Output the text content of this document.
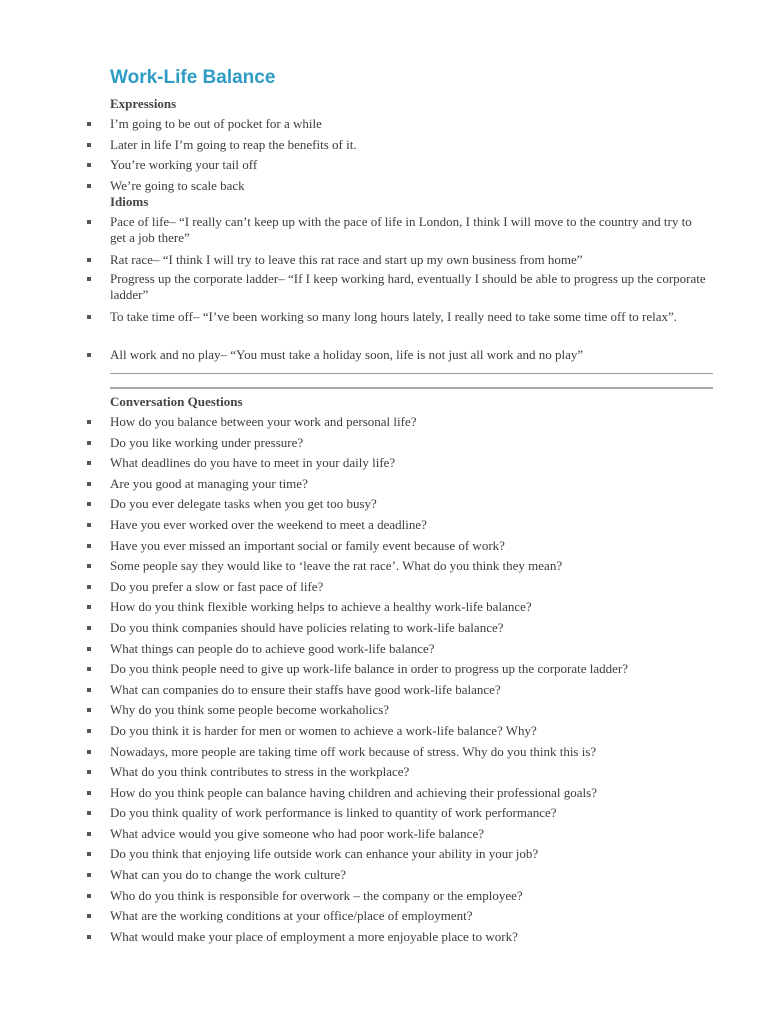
Work-Life Balance
Expressions
I’m going to be out of pocket for a while
Later in life I’m going to reap the benefits of it.
You’re working your tail off
We’re going to scale back
Idioms
Pace of life– “I really can’t keep up with the pace of life in London, I think I will move to the country and try to get a job there”
Rat race– “I think I will try to leave this rat race and start up my own business from home”
Progress up the corporate ladder– “If I keep working hard, eventually I should be able to progress up the corporate ladder”
To take time off– “I’ve been working so many long hours lately, I really need to take some time off to relax”.
All work and no play– “You must take a holiday soon, life is not just all work and no play”
Conversation Questions
How do you balance between your work and personal life?
Do you like working under pressure?
What deadlines do you have to meet in your daily life?
Are you good at managing your time?
Do you ever delegate tasks when you get too busy?
Have you ever worked over the weekend to meet a deadline?
Have you ever missed an important social or family event because of work?
Some people say they would like to ‘leave the rat race’. What do you think they mean?
Do you prefer a slow or fast pace of life?
How do you think flexible working helps to achieve a healthy work-life balance?
Do you think companies should have policies relating to work-life balance?
What things can people do to achieve good work-life balance?
Do you think people need to give up work-life balance in order to progress up the corporate ladder?
What can companies do to ensure their staffs have good work-life balance?
Why do you think some people become workaholics?
Do you think it is harder for men or women to achieve a work-life balance? Why?
Nowadays, more people are taking time off work because of stress. Why do you think this is?
What do you think contributes to stress in the workplace?
How do you think people can balance having children and achieving their professional goals?
Do you think quality of work performance is linked to quantity of work performance?
What advice would you give someone who had poor work-life balance?
Do you think that enjoying life outside work can enhance your ability in your job?
What can you do to change the work culture?
Who do you think is responsible for overwork – the company or the employee?
What are the working conditions at your office/place of employment?
What would make your place of employment a more enjoyable place to work?
